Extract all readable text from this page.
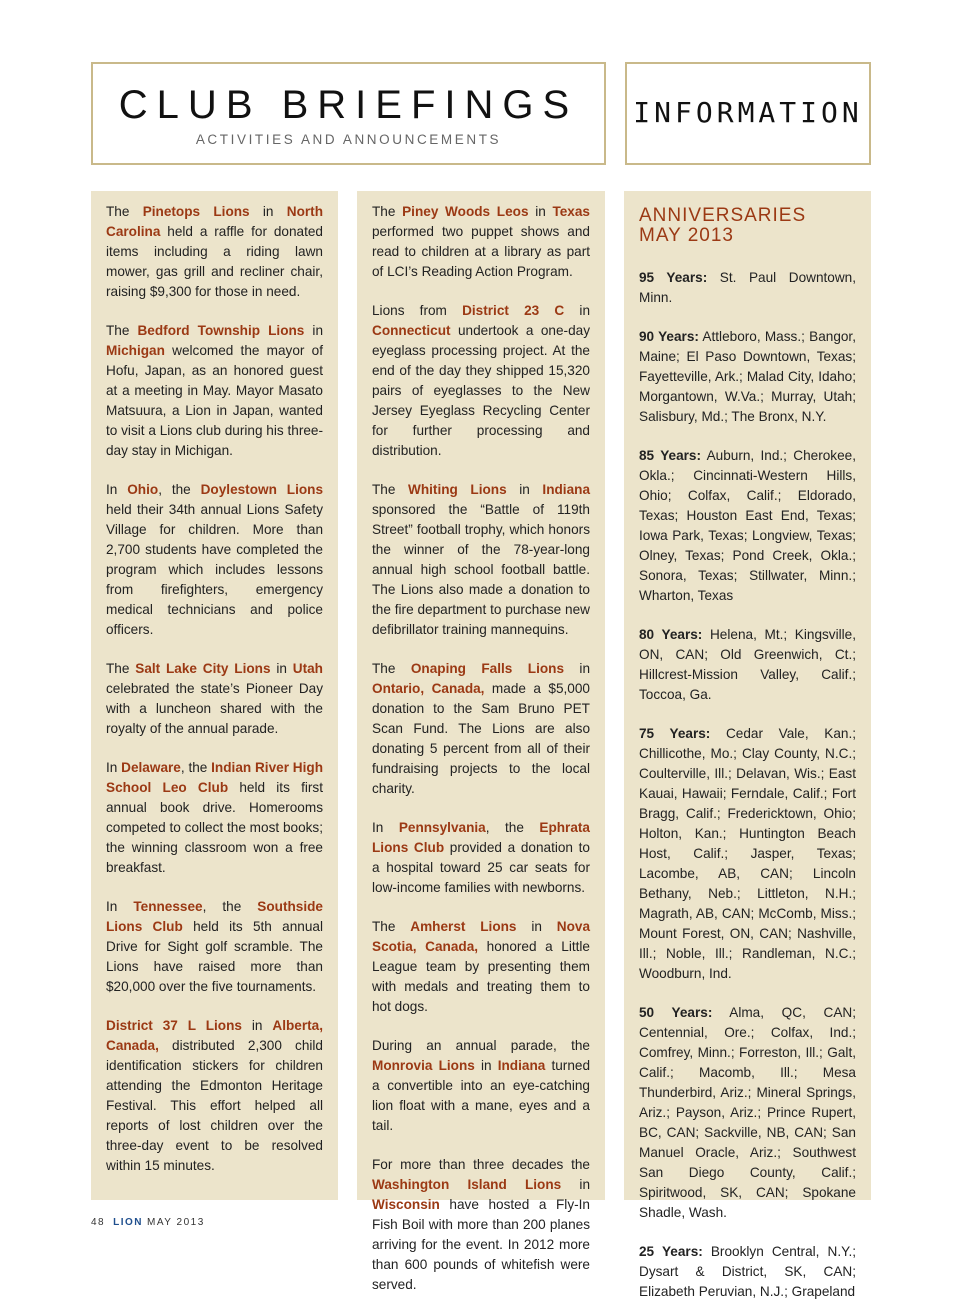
CLUB BRIEFINGS
ACTIVITIES AND ANNOUNCEMENTS
INFORMATION

The Pinetops Lions in North Carolina held a raffle for donated items including a riding lawn mower, gas grill and recliner chair, raising $9,300 for those in need.

The Bedford Township Lions in Michigan welcomed the mayor of Hofu, Japan, as an honored guest at a meeting in May. Mayor Masato Matsuura, a Lion in Japan, wanted to visit a Lions club during his three-day stay in Michigan.

In Ohio, the Doylestown Lions held their 34th annual Lions Safety Village for children. More than 2,700 students have completed the program which includes lessons from firefighters, emergency medical technicians and police officers.

The Salt Lake City Lions in Utah celebrated the state’s Pioneer Day with a luncheon shared with the royalty of the annual parade.

In Delaware, the Indian River High School Leo Club held its first annual book drive. Homerooms competed to collect the most books; the winning classroom won a free breakfast.

In Tennessee, the Southside Lions Club held its 5th annual Drive for Sight golf scramble. The Lions have raised more than $20,000 over the five tournaments.

District 37 L Lions in Alberta, Canada, distributed 2,300 child identification stickers for children attending the Edmonton Heritage Festival. This effort helped all reports of lost children over the three-day event to be resolved within 15 minutes.

The Piney Woods Leos in Texas performed two puppet shows and read to children at a library as part of LCI’s Reading Action Program.

Lions from District 23 C in Connecticut undertook a one-day eyeglass processing project. At the end of the day they shipped 15,320 pairs of eyeglasses to the New Jersey Eyeglass Recycling Center for further processing and distribution.

The Whiting Lions in Indiana sponsored the “Battle of 119th Street” football trophy, which honors the winner of the 78-year-long annual high school football battle. The Lions also made a donation to the fire department to purchase new defibrillator training mannequins.

The Onaping Falls Lions in Ontario, Canada, made a $5,000 donation to the Sam Bruno PET Scan Fund. The Lions are also donating 5 percent from all of their fundraising projects to the local charity.

In Pennsylvania, the Ephrata Lions Club provided a donation to a hospital toward 25 car seats for low-income families with newborns.

The Amherst Lions in Nova Scotia, Canada, honored a Little League team by presenting them with medals and treating them to hot dogs.

During an annual parade, the Monrovia Lions in Indiana turned a convertible into an eye-catching lion float with a mane, eyes and a tail.

For more than three decades the Washington Island Lions in Wisconsin have hosted a Fly-In Fish Boil with more than 200 planes arriving for the event. In 2012 more than 600 pounds of whitefish were served.

ANNIVERSARIES
MAY 2013

95 Years: St. Paul Downtown, Minn.

90 Years: Attleboro, Mass.; Bangor, Maine; El Paso Downtown, Texas; Fayetteville, Ark.; Malad City, Idaho; Morgantown, W.Va.; Murray, Utah; Salisbury, Md.; The Bronx, N.Y.

85 Years: Auburn, Ind.; Cherokee, Okla.; Cincinnati-Western Hills, Ohio; Colfax, Calif.; Eldorado, Texas; Houston East End, Texas; Iowa Park, Texas; Longview, Texas; Olney, Texas; Pond Creek, Okla.; Sonora, Texas; Stillwater, Minn.; Wharton, Texas

80 Years: Helena, Mt.; Kingsville, ON, CAN; Old Greenwich, Ct.; Hillcrest-Mission Valley, Calif.; Toccoa, Ga.

75 Years: Cedar Vale, Kan.; Chillicothe, Mo.; Clay County, N.C.; Coulterville, Ill.; Delavan, Wis.; East Kauai, Hawaii; Ferndale, Calif.; Fort Bragg, Calif.; Fredericktown, Ohio; Holton, Kan.; Huntington Beach Host, Calif.; Jasper, Texas; Lacombe, AB, CAN; Lincoln Bethany, Neb.; Littleton, N.H.; Magrath, AB, CAN; McComb, Miss.; Mount Forest, ON, CAN; Nashville, Ill.; Noble, Ill.; Randleman, N.C.; Woodburn, Ind.

50 Years: Alma, QC, CAN; Centennial, Ore.; Colfax, Ind.; Comfrey, Minn.; Forreston, Ill.; Galt, Calif.; Macomb, Ill.; Mesa Thunderbird, Ariz.; Mineral Springs, Ariz.; Payson, Ariz.; Prince Rupert, BC, CAN; Sackville, NB, CAN; San Manuel Oracle, Ariz.; Southwest San Diego County, Calif.; Spiritwood, SK, CAN; Spokane Shadle, Wash.

25 Years: Brooklyn Central, N.Y.; Dysart & District, SK, CAN; Elizabeth Peruvian, N.J.; Grapeland

48 LION MAY 2013
